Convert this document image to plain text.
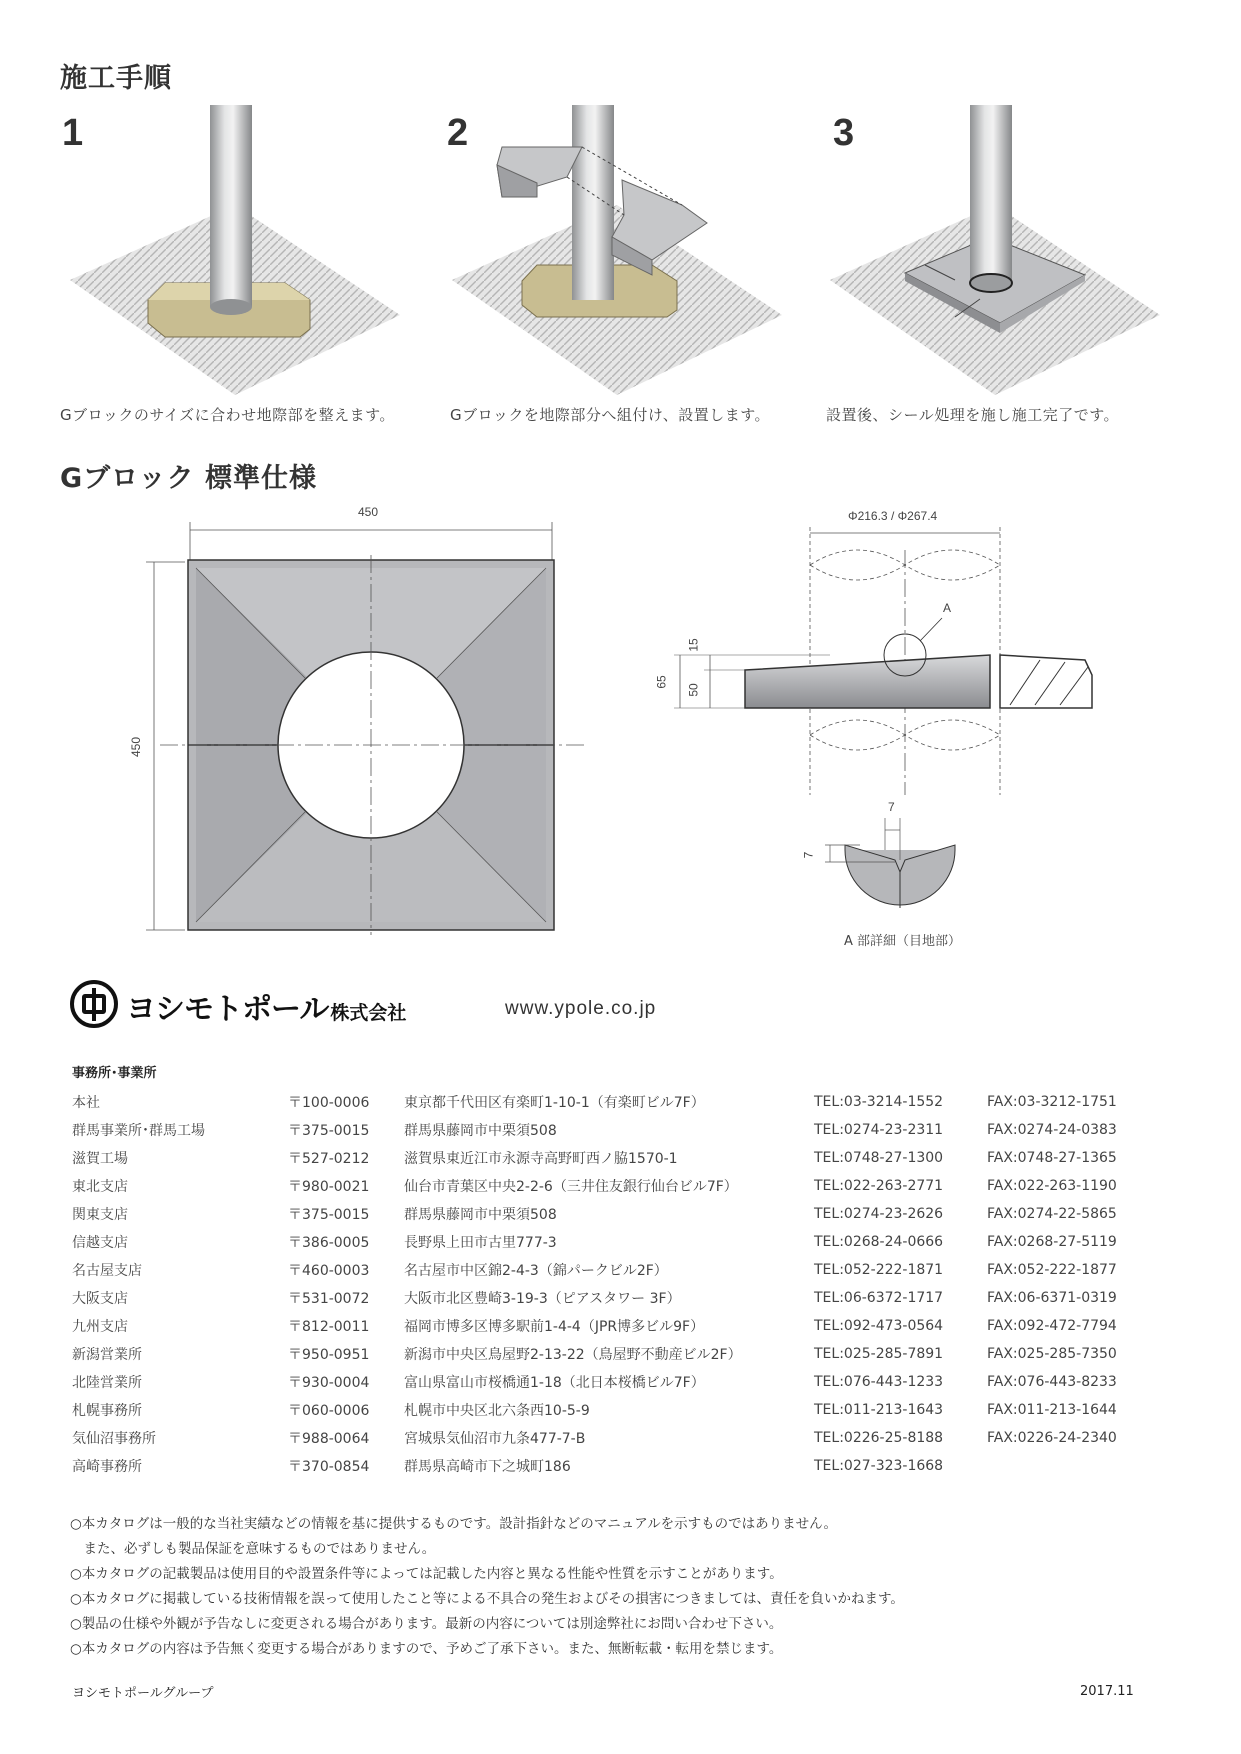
施工手順
1
Gブロックのサイズに合わせ地際部を整えます。
2
Gブロックを地際部分へ組付け、設置します。
3
設置後、シール処理を施し施工完了です。
Gブロック 標準仕様
450
450
Φ216.3 / Φ267.4
A
65
15
50
7
7
A 部詳細（目地部）
ヨシモトポール 株式会社	www.ypole.co.jp
事務所･事業所
本社	〒100-0006	東京都千代田区有楽町1-10-1（有楽町ビル7F）	TEL:03-3214-1552	FAX:03-3212-1751
群馬事業所･群馬工場	〒375-0015	群馬県藤岡市中栗須508	TEL:0274-23-2311	FAX:0274-24-0383
滋賀工場	〒527-0212	滋賀県東近江市永源寺高野町西ノ脇1570-1	TEL:0748-27-1300	FAX:0748-27-1365
東北支店	〒980-0021	仙台市青葉区中央2-2-6（三井住友銀行仙台ビル7F）	TEL:022-263-2771	FAX:022-263-1190
関東支店	〒375-0015	群馬県藤岡市中栗須508	TEL:0274-23-2626	FAX:0274-22-5865
信越支店	〒386-0005	長野県上田市古里777-3	TEL:0268-24-0666	FAX:0268-27-5119
名古屋支店	〒460-0003	名古屋市中区錦2-4-3（錦パークビル2F）	TEL:052-222-1871	FAX:052-222-1877
大阪支店	〒531-0072	大阪市北区豊崎3-19-3（ピアスタワー 3F）	TEL:06-6372-1717	FAX:06-6371-0319
九州支店	〒812-0011	福岡市博多区博多駅前1-4-4（JPR博多ビル9F）	TEL:092-473-0564	FAX:092-472-7794
新潟営業所	〒950-0951	新潟市中央区鳥屋野2-13-22（鳥屋野不動産ビル2F）	TEL:025-285-7891	FAX:025-285-7350
北陸営業所	〒930-0004	富山県富山市桜橋通1-18（北日本桜橋ビル7F）	TEL:076-443-1233	FAX:076-443-8233
札幌事務所	〒060-0006	札幌市中央区北六条西10-5-9	TEL:011-213-1643	FAX:011-213-1644
気仙沼事務所	〒988-0064	宮城県気仙沼市九条477-7-B	TEL:0226-25-8188	FAX:0226-24-2340
高崎事務所	〒370-0854	群馬県高崎市下之城町186	TEL:027-323-1668	

○本カタログは一般的な当社実績などの情報を基に提供するものです。設計指針などのマニュアルを示すものではありません。

　また、必ずしも製品保証を意味するものではありません。

○本カタログの記載製品は使用目的や設置条件等によっては記載した内容と異なる性能や性質を示すことがあります。

○本カタログに掲載している技術情報を誤って使用したこと等による不具合の発生およびその損害につきましては、責任を負いかねます。

○製品の仕様や外観が予告なしに変更される場合があります。最新の内容については別途弊社にお問い合わせ下さい。

○本カタログの内容は予告無く変更する場合がありますので、予めご了承下さい。また、無断転載・転用を禁じます。

ヨシモトポールグループ	2017.11
